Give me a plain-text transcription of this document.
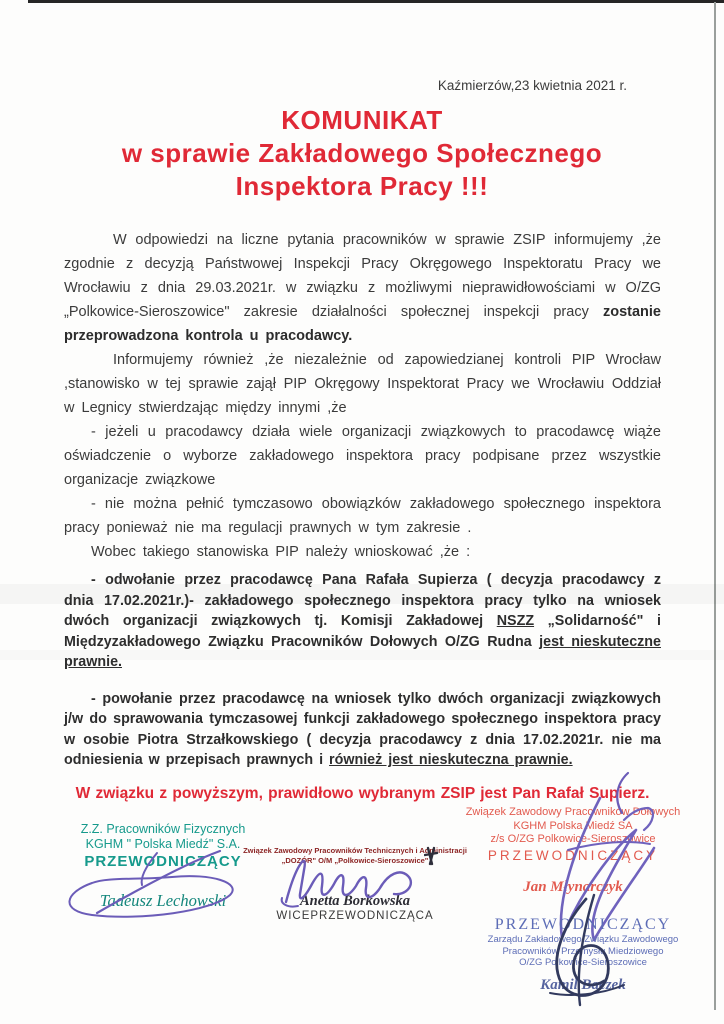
Kaźmierzów,23 kwietnia 2021 r.
KOMUNIKAT
w sprawie Zakładowego Społecznego
Inspektora Pracy !!!

W odpowiedzi na liczne pytania pracowników w sprawie ZSIP informujemy ,że zgodnie z decyzją Państwowej Inspekcji Pracy Okręgowego Inspektoratu Pracy we Wrocławiu z dnia 29.03.2021r. w związku z możliwymi nieprawidłowościami w O/ZG „Polkowice-Sieroszowice" zakresie działalności społecznej inspekcji pracy zostanie przeprowadzona kontrola u pracodawcy.

Informujemy również ,że niezależnie od zapowiedzianej kontroli PIP Wrocław ,stanowisko w tej sprawie zajął PIP Okręgowy Inspektorat Pracy we Wrocławiu Oddział w Legnicy stwierdzając między innymi ,że

- jeżeli u pracodawcy działa wiele organizacji związkowych to pracodawcę wiąże oświadczenie o wyborze zakładowego inspektora pracy podpisane przez wszystkie organizacje związkowe

- nie można pełnić tymczasowo obowiązków zakładowego społecznego inspektora pracy ponieważ nie ma regulacji prawnych w tym zakresie .

Wobec takiego stanowiska PIP należy wnioskować ,że :

- odwołanie przez pracodawcę Pana Rafała Supierza ( decyzja pracodawcy z dnia 17.02.2021r.)- zakładowego społecznego inspektora pracy tylko na wniosek dwóch organizacji związkowych tj. Komisji Zakładowej NSZZ „Solidarność" i Międzyzakładowego Związku Pracowników Dołowych O/ZG Rudna jest nieskuteczne prawnie.

- powołanie przez pracodawcę na wniosek tylko dwóch organizacji związkowych j/w do sprawowania tymczasowej funkcji zakładowego społecznego inspektora pracy w osobie Piotra Strzałkowskiego ( decyzja pracodawcy z dnia 17.02.2021r. nie ma odniesienia w przepisach prawnych i również jest nieskuteczna prawnie.

W związku z powyższym, prawidłowo wybranym ZSIP jest Pan Rafał Supierz.

Z.Z. Pracowników Fizycznych
KGHM " Polska Miedź" S.A.
PRZEWODNICZĄCY
Tadeusz Lechowski
Związek Zawodowy Pracowników Technicznych i Administracji
„DOZÓR" O/M „Polkowice-Sieroszowice"
Anetta Borkowska
WICEPRZEWODNICZĄCA
Związek Zawodowy Pracowników Dołowych
KGHM Polska Miedź SA
z/s O/ZG Polkowice-Sieroszowice
PRZEWODNICZĄCY
Jan Młynarczyk
PRZEWODNICZĄCY
Zarządu Zakładowego Związku Zawodowego
Pracowników Przemysłu Miedziowego
O/ZG Polkowice-Sieroszowice
Kamil Baczek
